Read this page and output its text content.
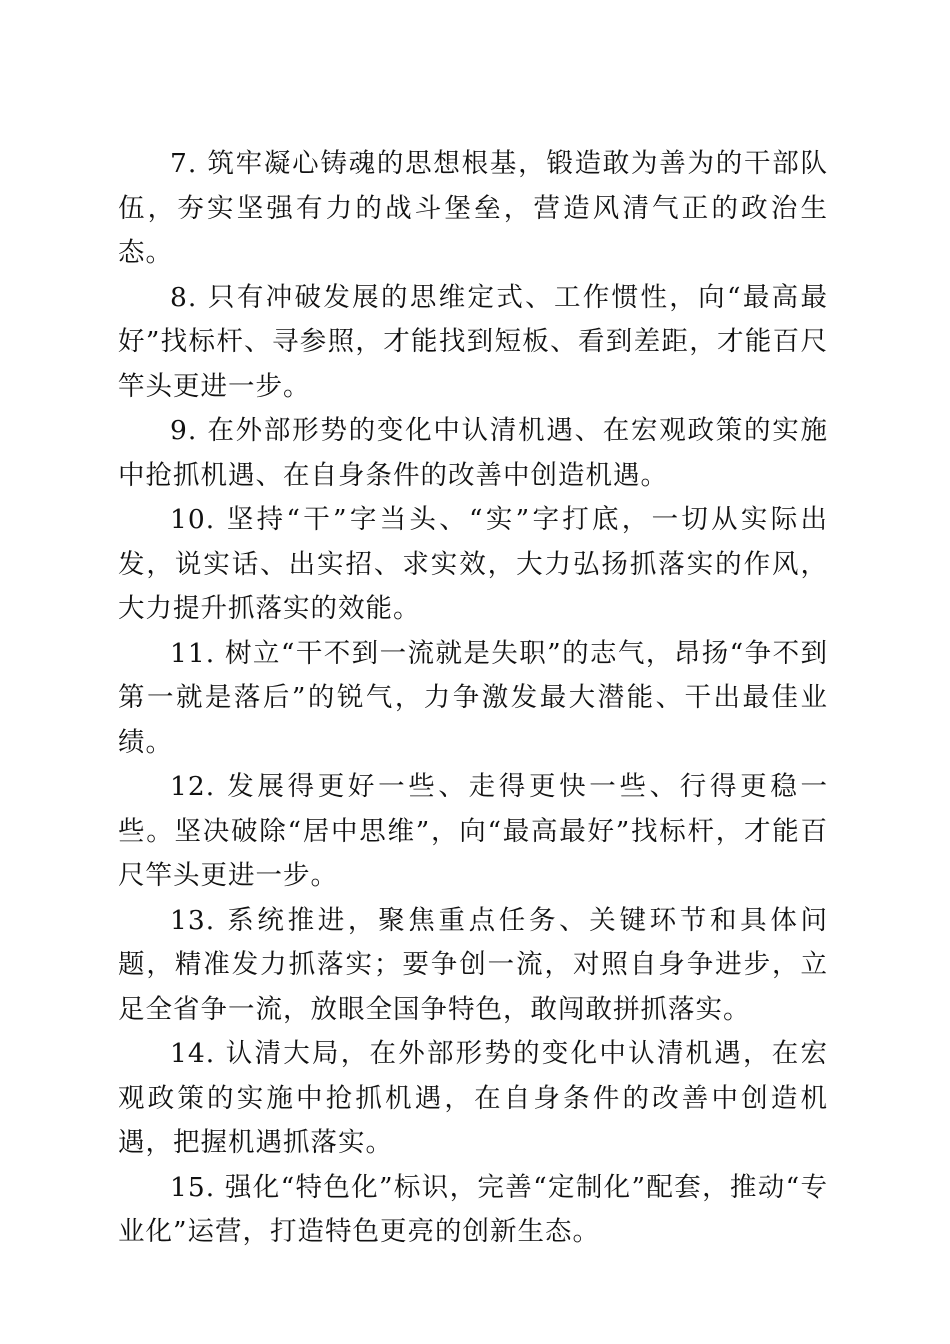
7. 筑牢凝心铸魂的思想根基，锻造敢为善为的干部队伍，夯实坚强有力的战斗堡垒，营造风清气正的政治生态。

8. 只有冲破发展的思维定式、工作惯性，向“最高最好”找标杆、寻参照，才能找到短板、看到差距，才能百尺竿头更进一步。

9. 在外部形势的变化中认清机遇、在宏观政策的实施中抢抓机遇、在自身条件的改善中创造机遇。

10. 坚持“干”字当头、“实”字打底，一切从实际出发，说实话、出实招、求实效，大力弘扬抓落实的作风，大力提升抓落实的效能。

11. 树立“干不到一流就是失职”的志气，昂扬“争不到第一就是落后”的锐气，力争激发最大潜能、干出最佳业绩。

12. 发展得更好一些、走得更快一些、行得更稳一些。坚决破除“居中思维”，向“最高最好”找标杆，才能百尺竿头更进一步。

13. 系统推进，聚焦重点任务、关键环节和具体问题，精准发力抓落实；要争创一流，对照自身争进步，立足全省争一流，放眼全国争特色，敢闯敢拼抓落实。

14. 认清大局，在外部形势的变化中认清机遇，在宏观政策的实施中抢抓机遇，在自身条件的改善中创造机遇，把握机遇抓落实。

15. 强化“特色化”标识，完善“定制化”配套，推动“专业化”运营，打造特色更亮的创新生态。
